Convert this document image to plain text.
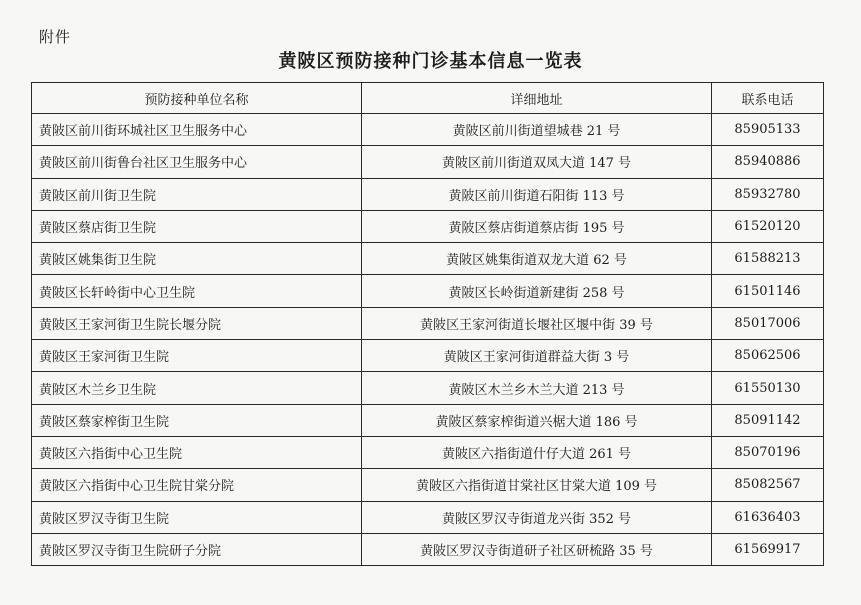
附件
黄陂区预防接种门诊基本信息一览表
预防接种单位名称	详细地址	联系电话
黄陂区前川街环城社区卫生服务中心	黄陂区前川街道望城巷 21 号	85905133
黄陂区前川街鲁台社区卫生服务中心	黄陂区前川街道双凤大道 147 号	85940886
黄陂区前川街卫生院	黄陂区前川街道石阳街 113 号	85932780
黄陂区蔡店街卫生院	黄陂区蔡店街道蔡店街 195 号	61520120
黄陂区姚集街卫生院	黄陂区姚集街道双龙大道 62 号	61588213
黄陂区长轩岭街中心卫生院	黄陂区长岭街道新建街 258 号	61501146
黄陂区王家河街卫生院长堰分院	黄陂区王家河街道长堰社区堰中街 39 号	85017006
黄陂区王家河街卫生院	黄陂区王家河街道群益大街 3 号	85062506
黄陂区木兰乡卫生院	黄陂区木兰乡木兰大道 213 号	61550130
黄陂区蔡家榨街卫生院	黄陂区蔡家榨街道兴椐大道 186 号	85091142
黄陂区六指街中心卫生院	黄陂区六指街道什仔大道 261 号	85070196
黄陂区六指街中心卫生院甘棠分院	黄陂区六指街道甘棠社区甘棠大道 109 号	85082567
黄陂区罗汉寺街卫生院	黄陂区罗汉寺街道龙兴街 352 号	61636403
黄陂区罗汉寺街卫生院研子分院	黄陂区罗汉寺街道研子社区研梳路 35 号	61569917
